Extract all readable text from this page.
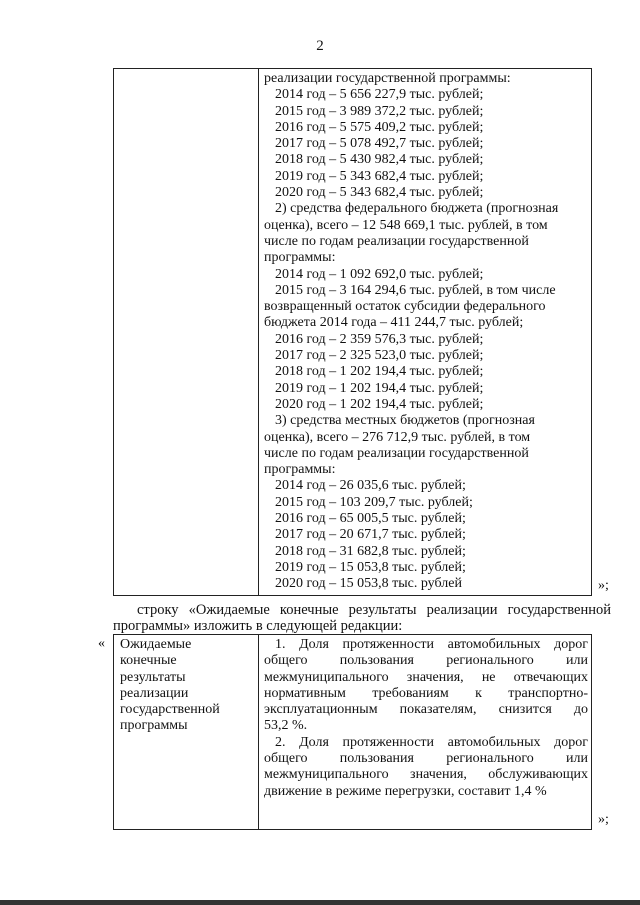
2
реализации государственной программы:
2014 год – 5 656 227,9 тыс. рублей;
2015 год – 3 989 372,2 тыс. рублей;
2016 год – 5 575 409,2 тыс. рублей;
2017 год – 5 078 492,7 тыс. рублей;
2018 год – 5 430 982,4 тыс. рублей;
2019 год – 5 343 682,4 тыс. рублей;
2020 год – 5 343 682,4 тыс. рублей;
2) средства федерального бюджета (прогнозная
оценка), всего – 12 548 669,1 тыс. рублей, в том
числе по годам реализации государственной
программы:
2014 год – 1 092 692,0 тыс. рублей;
2015 год – 3 164 294,6 тыс. рублей, в том числе
возвращенный остаток субсидии федерального
бюджета 2014 года – 411 244,7 тыс. рублей;
2016 год – 2 359 576,3 тыс. рублей;
2017 год – 2 325 523,0 тыс. рублей;
2018 год – 1 202 194,4 тыс. рублей;
2019 год – 1 202 194,4 тыс. рублей;
2020 год – 1 202 194,4 тыс. рублей;
3) средства местных бюджетов (прогнозная
оценка), всего – 276 712,9 тыс. рублей, в том
числе по годам реализации государственной
программы:
2014 год – 26 035,6 тыс. рублей;
2015 год – 103 209,7 тыс. рублей;
2016 год – 65 005,5 тыс. рублей;
2017 год – 20 671,7 тыс. рублей;
2018 год – 31 682,8 тыс. рублей;
2019 год – 15 053,8 тыс. рублей;
2020 год – 15 053,8 тыс. рублей	»;
строку «Ожидаемые конечные результаты реализации государственной
программы» изложить в следующей редакции:
« Ожидаемые
конечные
результаты
реализации
государственной
программы
1. Доля протяженности автомобильных дорог
общего пользования регионального или
межмуниципального значения, не отвечающих
нормативным требованиям к транспортно-
эксплуатационным показателям, снизится до
53,2 %.
2. Доля протяженности автомобильных дорог
общего пользования регионального или
межмуниципального значения, обслуживающих
движение в режиме перегрузки, составит 1,4 %
»;
